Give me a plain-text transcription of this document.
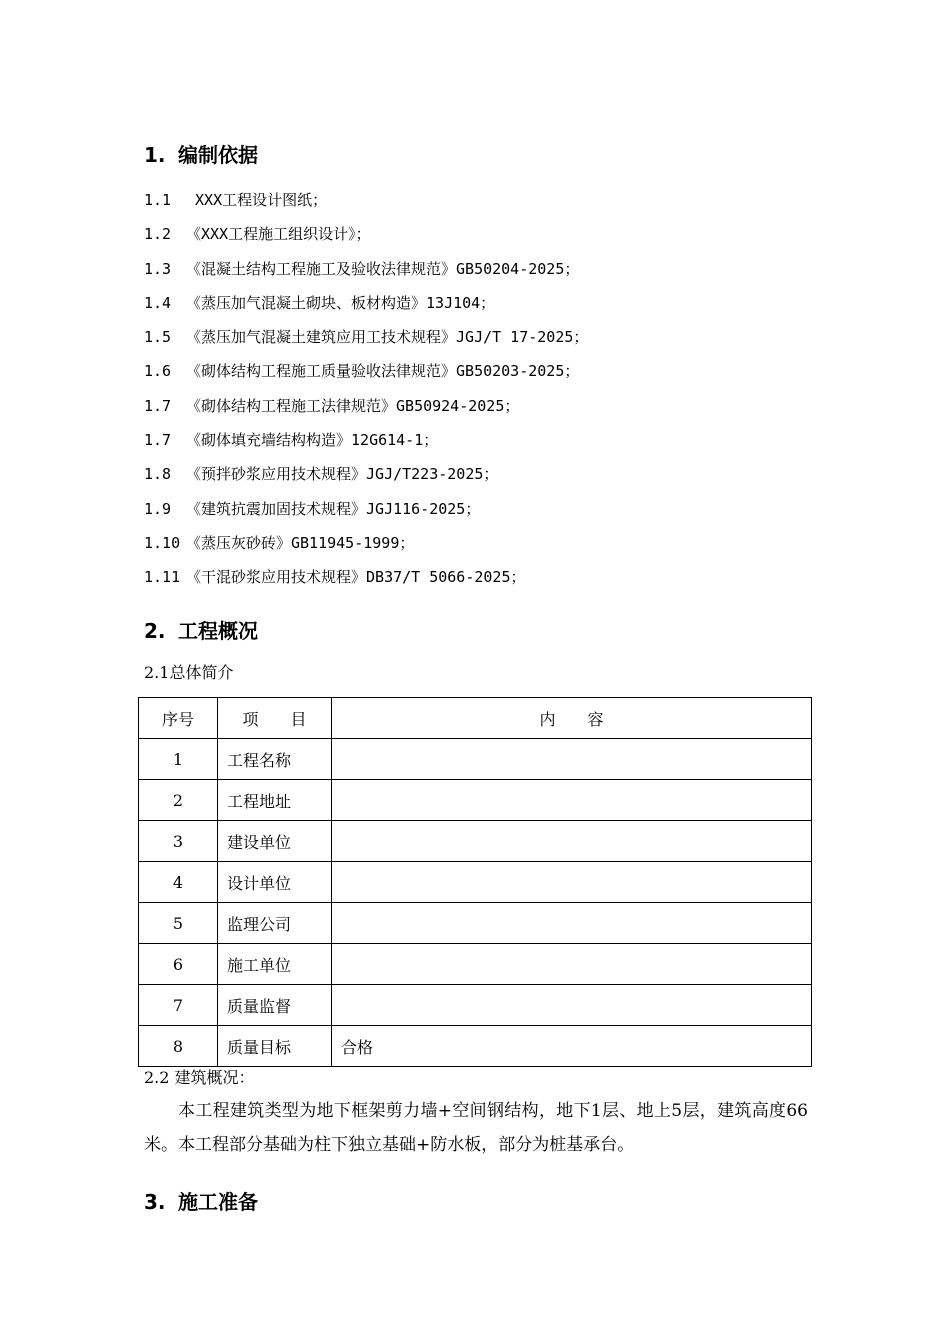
1. 编制依据
1.1 XXX工程设计图纸；
1.2 《XXX工程施工组织设计》；
1.3 《混凝土结构工程施工及验收法律规范》GB50204-2025；
1.4 《蒸压加气混凝土砌块、板材构造》13J104；
1.5 《蒸压加气混凝土建筑应用工技术规程》JGJ/T 17-2025；
1.6 《砌体结构工程施工质量验收法律规范》GB50203-2025；
1.7 《砌体结构工程施工法律规范》GB50924-2025；
1.7 《砌体填充墙结构构造》12G614-1；
1.8 《预拌砂浆应用技术规程》JGJ/T223-2025；
1.9 《建筑抗震加固技术规程》JGJ116-2025；
1.10 《蒸压灰砂砖》GB11945-1999；
1.11 《干混砂浆应用技术规程》DB37/T 5066-2025；
2. 工程概况

2.1总体简介

序号	项　　目	内　　容
1	工程名称	
2	工程地址	
3	建设单位	
4	设计单位	
5	监理公司	
6	施工单位	
7	质量监督	
8	质量目标	合格

2.2 建筑概况：

本工程建筑类型为地下框架剪力墙+空间钢结构，地下1层、地上5层，建筑高度66米。本工程部分基础为柱下独立基础+防水板，部分为桩基承台。

3. 施工准备
